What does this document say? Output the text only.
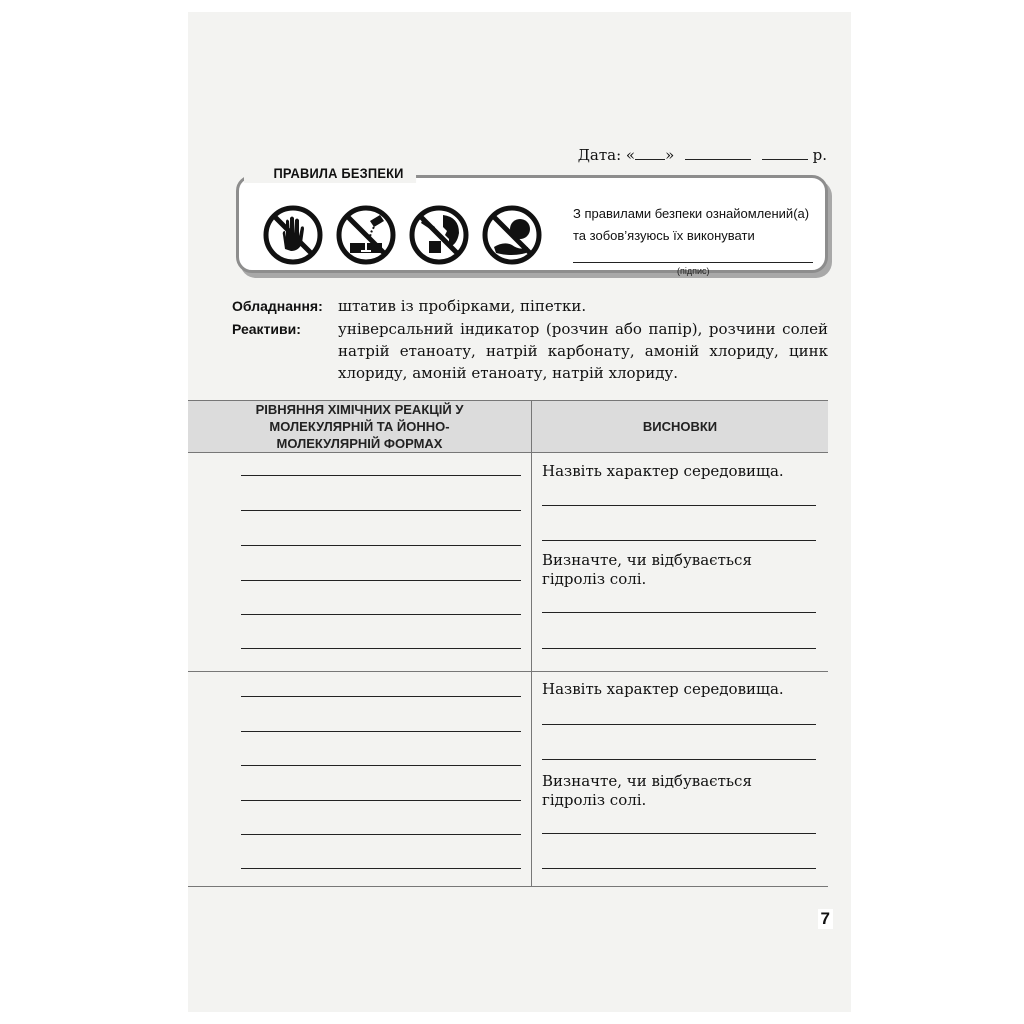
Дата: « »	р.
З правилами безпеки ознайомлений(а)
та зобов’язуюсь їх виконувати
(підпис)
ПРАВИЛА БЕЗПЕКИ
Обладнання:	штатив із пробірками, піпетки.
Реактиви:	універсальний індикатор (розчин або папір), розчини солей натрій етаноату, натрій карбонату, амоній хлориду, цинк хлориду, амоній етаноату, натрій хлориду.
РІВНЯННЯ ХІМІЧНИХ РЕАКЦІЙ У МОЛЕКУЛЯРНІЙ ТА ЙОННО-МОЛЕКУЛЯРНІЙ ФОРМАХ	ВИСНОВКИ

	Назвіть характер середовища.
Визначте, чи відбувається гідроліз солі.

	Назвіть характер середовища.
Визначте, чи відбувається гідроліз солі.
7
